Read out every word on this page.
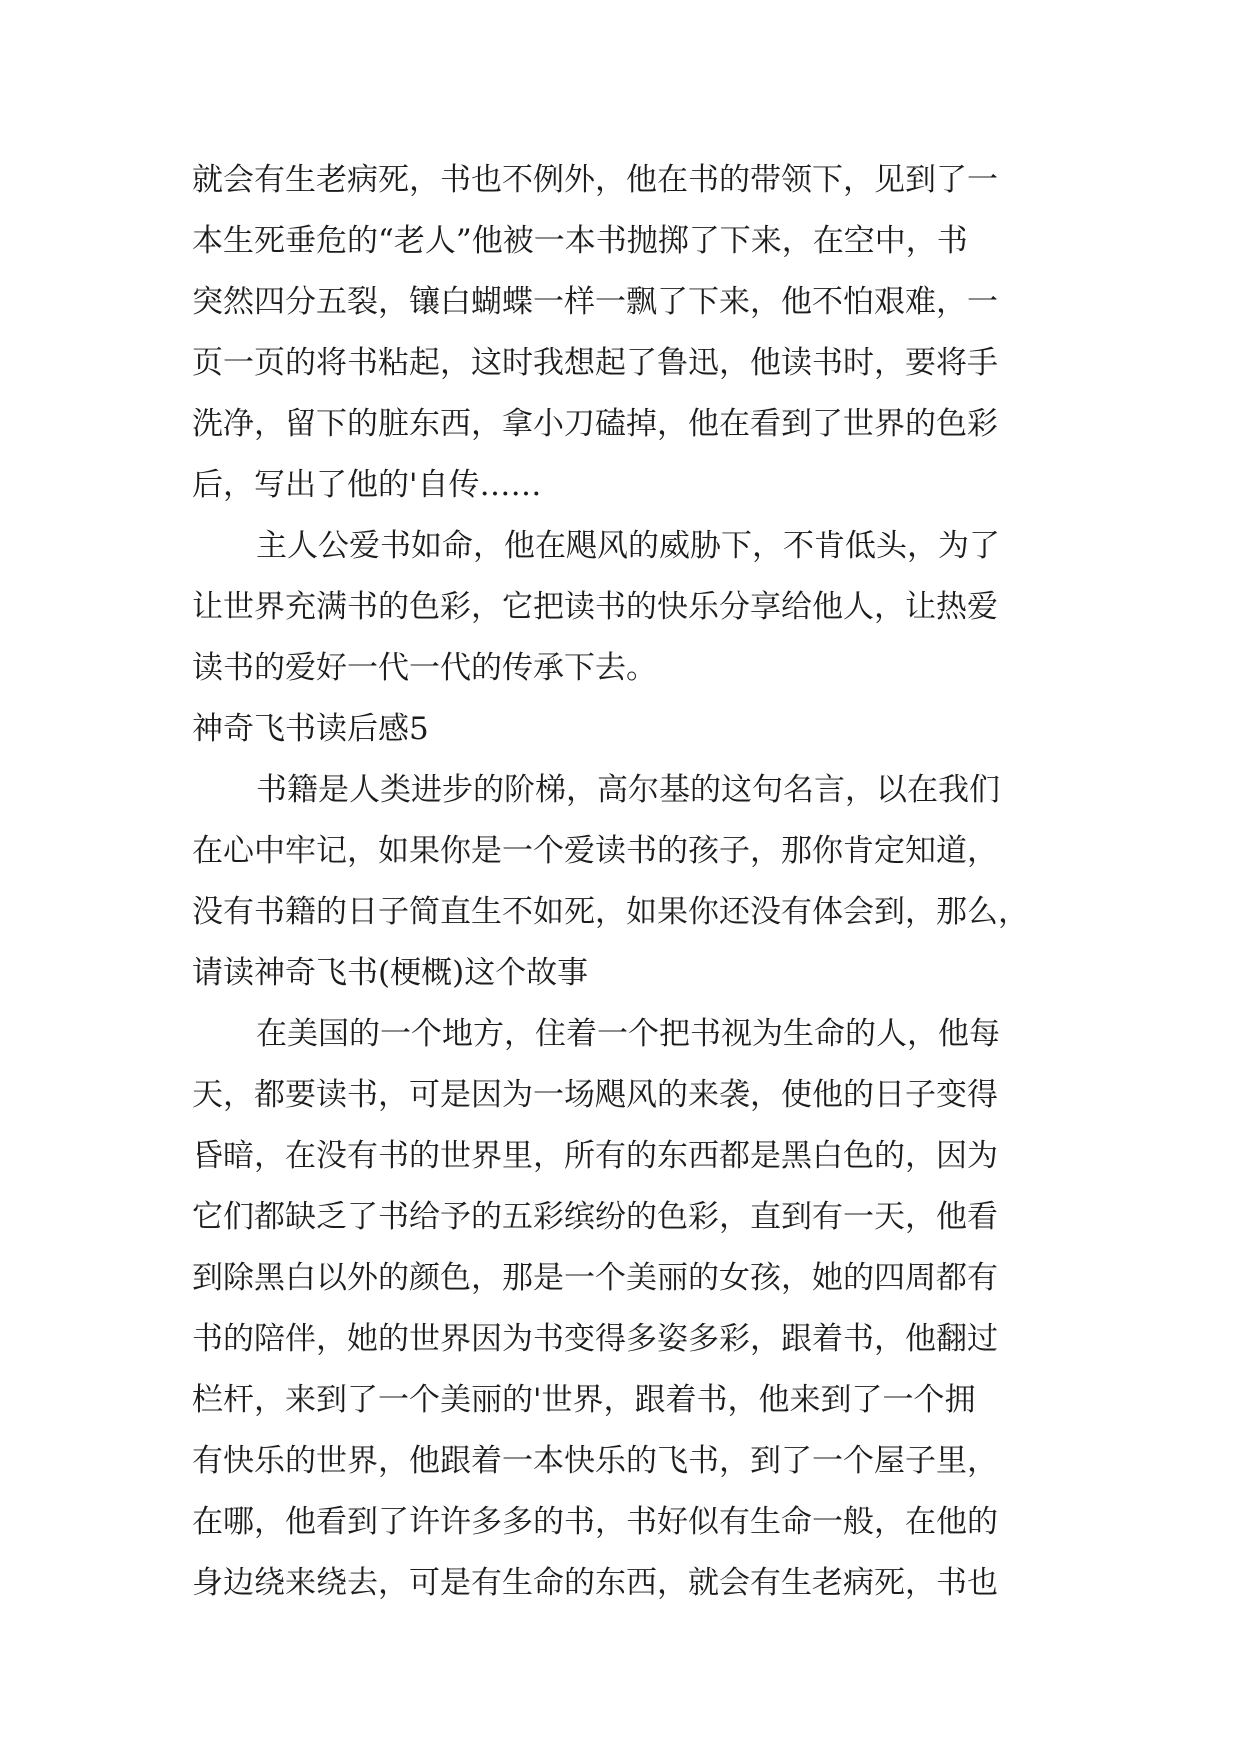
就会有生老病死，书也不例外，他在书的带领下，见到了一
本生死垂危的“老人”他被一本书抛掷了下来，在空中，书
突然四分五裂，镶白蝴蝶一样一飘了下来，他不怕艰难，一
页一页的将书粘起，这时我想起了鲁迅，他读书时，要将手
洗净，留下的脏东西，拿小刀磕掉，他在看到了世界的色彩
后，写出了他的'自传……
主人公爱书如命，他在飓风的威胁下，不肯低头，为了
让世界充满书的色彩，它把读书的快乐分享给他人，让热爱
读书的爱好一代一代的传承下去。
神奇飞书读后感5
书籍是人类进步的阶梯，高尔基的这句名言，以在我们
在心中牢记，如果你是一个爱读书的孩子，那你肯定知道，
没有书籍的日子简直生不如死，如果你还没有体会到，那么，
请读神奇飞书(梗概)这个故事
在美国的一个地方，住着一个把书视为生命的人，他每
天，都要读书，可是因为一场飓风的来袭，使他的日子变得
昏暗，在没有书的世界里，所有的东西都是黑白色的，因为
它们都缺乏了书给予的五彩缤纷的色彩，直到有一天，他看
到除黑白以外的颜色，那是一个美丽的女孩，她的四周都有
书的陪伴，她的世界因为书变得多姿多彩，跟着书，他翻过
栏杆，来到了一个美丽的'世界，跟着书，他来到了一个拥
有快乐的世界，他跟着一本快乐的飞书，到了一个屋子里，
在哪，他看到了许许多多的书，书好似有生命一般，在他的
身边绕来绕去，可是有生命的东西，就会有生老病死，书也
